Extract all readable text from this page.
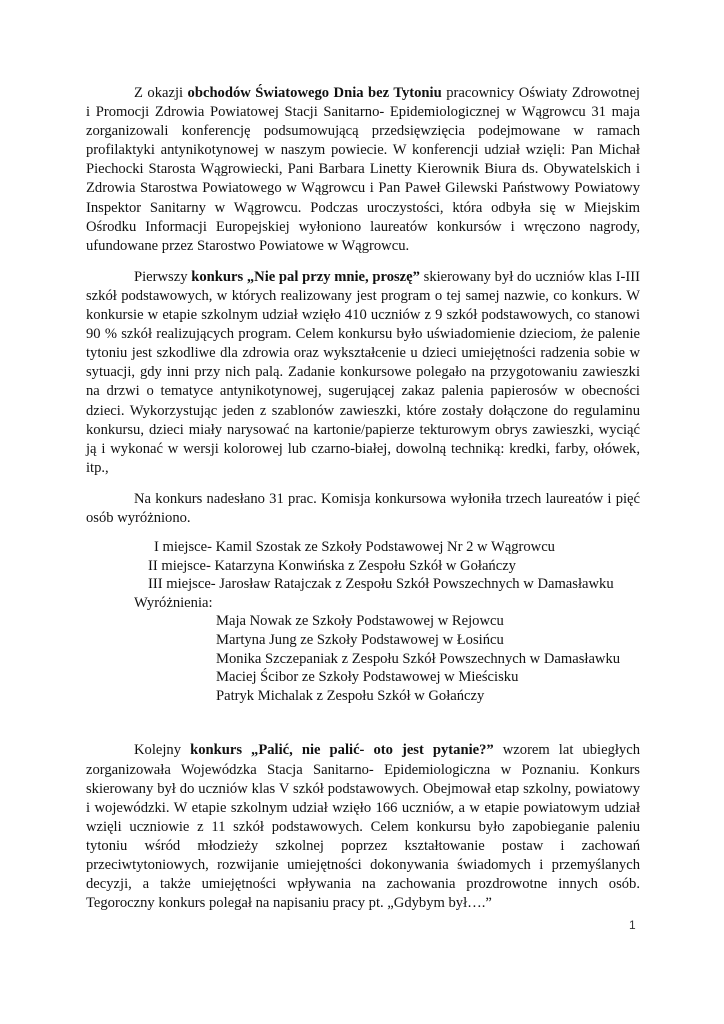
Z okazji obchodów Światowego Dnia bez Tytoniu pracownicy Oświaty Zdrowotnej i Promocji Zdrowia Powiatowej Stacji Sanitarno- Epidemiologicznej w Wągrowcu 31 maja zorganizowali konferencję podsumowującą przedsięwzięcia podejmowane w ramach profilaktyki antynikotynowej w naszym powiecie. W konferencji udział wzięli: Pan Michał Piechocki Starosta Wągrowiecki, Pani Barbara Linetty Kierownik Biura ds. Obywatelskich i Zdrowia Starostwa Powiatowego w Wągrowcu i Pan Paweł Gilewski Państwowy Powiatowy Inspektor Sanitarny w Wągrowcu. Podczas uroczystości, która odbyła się w Miejskim Ośrodku Informacji Europejskiej wyłoniono laureatów konkursów i wręczono nagrody, ufundowane przez Starostwo Powiatowe w Wągrowcu.

Pierwszy konkurs „Nie pal przy mnie, proszę” skierowany był do uczniów klas I-III szkół podstawowych, w których realizowany jest program o tej samej nazwie, co konkurs. W konkursie w etapie szkolnym udział wzięło 410 uczniów z 9 szkół podstawowych, co stanowi 90 % szkół realizujących program. Celem konkursu było uświadomienie dzieciom, że palenie tytoniu jest szkodliwe dla zdrowia oraz wykształcenie u dzieci umiejętności radzenia sobie w sytuacji, gdy inni przy nich palą. Zadanie konkursowe polegało na przygotowaniu zawieszki na drzwi o tematyce antynikotynowej, sugerującej zakaz palenia papierosów w obecności dzieci. Wykorzystując jeden z szablonów zawieszki, które zostały dołączone do regulaminu konkursu, dzieci miały narysować na kartonie/papierze tekturowym obrys zawieszki, wyciąć ją i wykonać w wersji kolorowej lub czarno-białej, dowolną techniką: kredki, farby, ołówek, itp.,

Na konkurs nadesłano 31 prac. Komisja konkursowa wyłoniła trzech laureatów i pięć osób wyróżniono.

I miejsce- Kamil Szostak ze Szkoły Podstawowej Nr 2 w Wągrowcu
II miejsce- Katarzyna Konwińska z Zespołu Szkół w Gołańczy
III miejsce- Jarosław Ratajczak z Zespołu Szkół Powszechnych w Damasławku
Wyróżnienia:
Maja Nowak ze Szkoły Podstawowej w Rejowcu
Martyna Jung ze Szkoły Podstawowej w Łosińcu
Monika Szczepaniak z Zespołu Szkół Powszechnych w Damasławku
Maciej Ścibor ze Szkoły Podstawowej w Mieścisku
Patryk Michalak z Zespołu Szkół w Gołańczy

Kolejny konkurs „Palić, nie palić- oto jest pytanie?” wzorem lat ubiegłych zorganizowała Wojewódzka Stacja Sanitarno- Epidemiologiczna w Poznaniu. Konkurs skierowany był do uczniów klas V szkół podstawowych. Obejmował etap szkolny, powiatowy i wojewódzki. W etapie szkolnym udział wzięło 166 uczniów, a w etapie powiatowym udział wzięli uczniowie z 11 szkół podstawowych. Celem konkursu było zapobieganie paleniu tytoniu wśród młodzieży szkolnej poprzez kształtowanie postaw i zachowań przeciwtytoniowych, rozwijanie umiejętności dokonywania świadomych i przemyślanych decyzji, a także umiejętności wpływania na zachowania prozdrowotne innych osób. Tegoroczny konkurs polegał na napisaniu pracy pt. „Gdybym był….”

1
